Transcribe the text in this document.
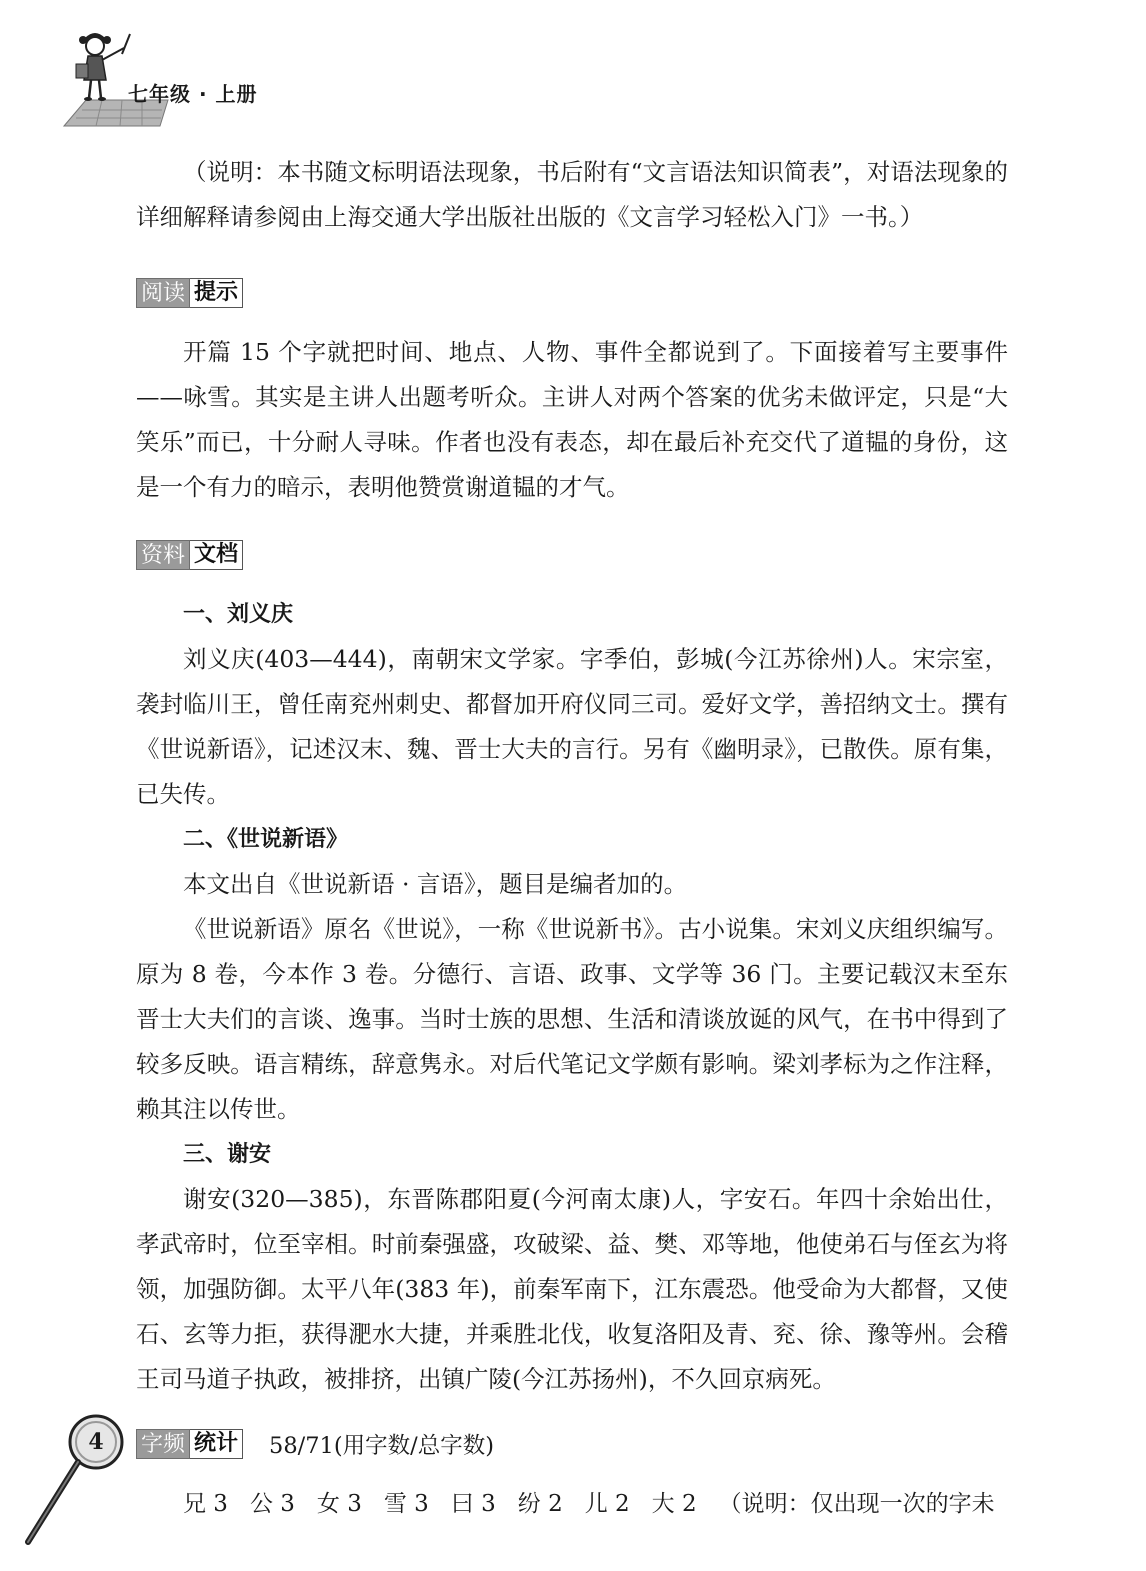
七年级 · 上册

（说明：本书随文标明语法现象，书后附有“文言语法知识简表”，对语法现象的详细解释请参阅由上海交通大学出版社出版的《文言学习轻松入门》一书。）

阅读 提示

开篇 15 个字就把时间、地点、人物、事件全都说到了。下面接着写主要事件——咏雪。其实是主讲人出题考听众。主讲人对两个答案的优劣未做评定，只是“大笑乐”而已，十分耐人寻味。作者也没有表态，却在最后补充交代了道韫的身份，这是一个有力的暗示，表明他赞赏谢道韫的才气。

资料 文档
一、刘义庆

刘义庆(403—444)，南朝宋文学家。字季伯，彭城(今江苏徐州)人。宋宗室，袭封临川王，曾任南兖州刺史、都督加开府仪同三司。爱好文学，善招纳文士。撰有《世说新语》，记述汉末、魏、晋士大夫的言行。另有《幽明录》，已散佚。原有集，已失传。

二、《世说新语》

本文出自《世说新语 · 言语》，题目是编者加的。

《世说新语》原名《世说》，一称《世说新书》。古小说集。宋刘义庆组织编写。原为 8 卷，今本作 3 卷。分德行、言语、政事、文学等 36 门。主要记载汉末至东晋士大夫们的言谈、逸事。当时士族的思想、生活和清谈放诞的风气，在书中得到了较多反映。语言精练，辞意隽永。对后代笔记文学颇有影响。梁刘孝标为之作注释，赖其注以传世。

三、谢安

谢安(320—385)，东晋陈郡阳夏(今河南太康)人，字安石。年四十余始出仕，孝武帝时，位至宰相。时前秦强盛，攻破梁、益、樊、邓等地，他使弟石与侄玄为将领，加强防御。太平八年(383 年)，前秦军南下，江东震恐。他受命为大都督，又使石、玄等力拒，获得淝水大捷，并乘胜北伐，收复洛阳及青、兖、徐、豫等州。会稽王司马道子执政，被排挤，出镇广陵(今江苏扬州)，不久回京病死。

字频 统计 58/71(用字数/总字数)
兄 3 公 3 女 3 雪 3 曰 3 纷 2 儿 2 大 2 （说明：仅出现一次的字未
4
